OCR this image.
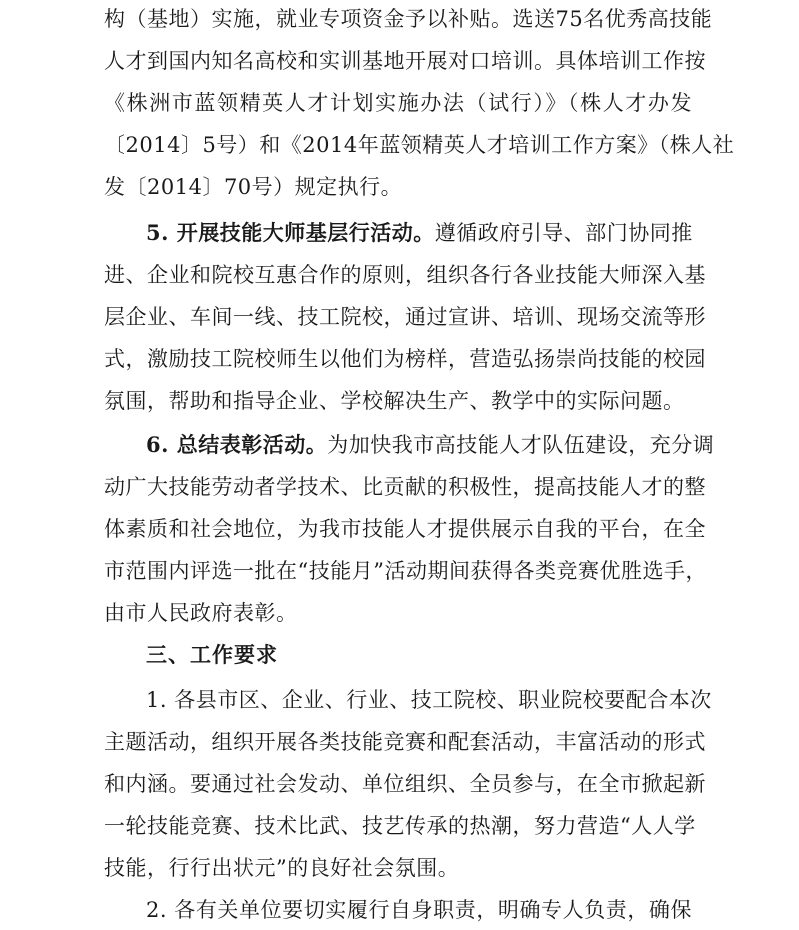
构（基地）实施，就业专项资金予以补贴。选送75名优秀高技能
人才到国内知名高校和实训基地开展对口培训。具体培训工作按
《株洲市蓝领精英人才计划实施办法（试行）》（株人才办发
〔2014〕5号）和《2014年蓝领精英人才培训工作方案》（株人社
发〔2014〕70号）规定执行。
5. 开展技能大师基层行活动。遵循政府引导、部门协同推
进、企业和院校互惠合作的原则，组织各行各业技能大师深入基
层企业、车间一线、技工院校，通过宣讲、培训、现场交流等形
式，激励技工院校师生以他们为榜样，营造弘扬崇尚技能的校园
氛围，帮助和指导企业、学校解决生产、教学中的实际问题。
6. 总结表彰活动。为加快我市高技能人才队伍建设，充分调
动广大技能劳动者学技术、比贡献的积极性，提高技能人才的整
体素质和社会地位，为我市技能人才提供展示自我的平台，在全
市范围内评选一批在“技能月”活动期间获得各类竞赛优胜选手，
由市人民政府表彰。
三、工作要求
1. 各县市区、企业、行业、技工院校、职业院校要配合本次
主题活动，组织开展各类技能竞赛和配套活动，丰富活动的形式
和内涵。要通过社会发动、单位组织、全员参与，在全市掀起新
一轮技能竞赛、技术比武、技艺传承的热潮，努力营造“人人学
技能，行行出状元”的良好社会氛围。
2. 各有关单位要切实履行自身职责，明确专人负责，确保
